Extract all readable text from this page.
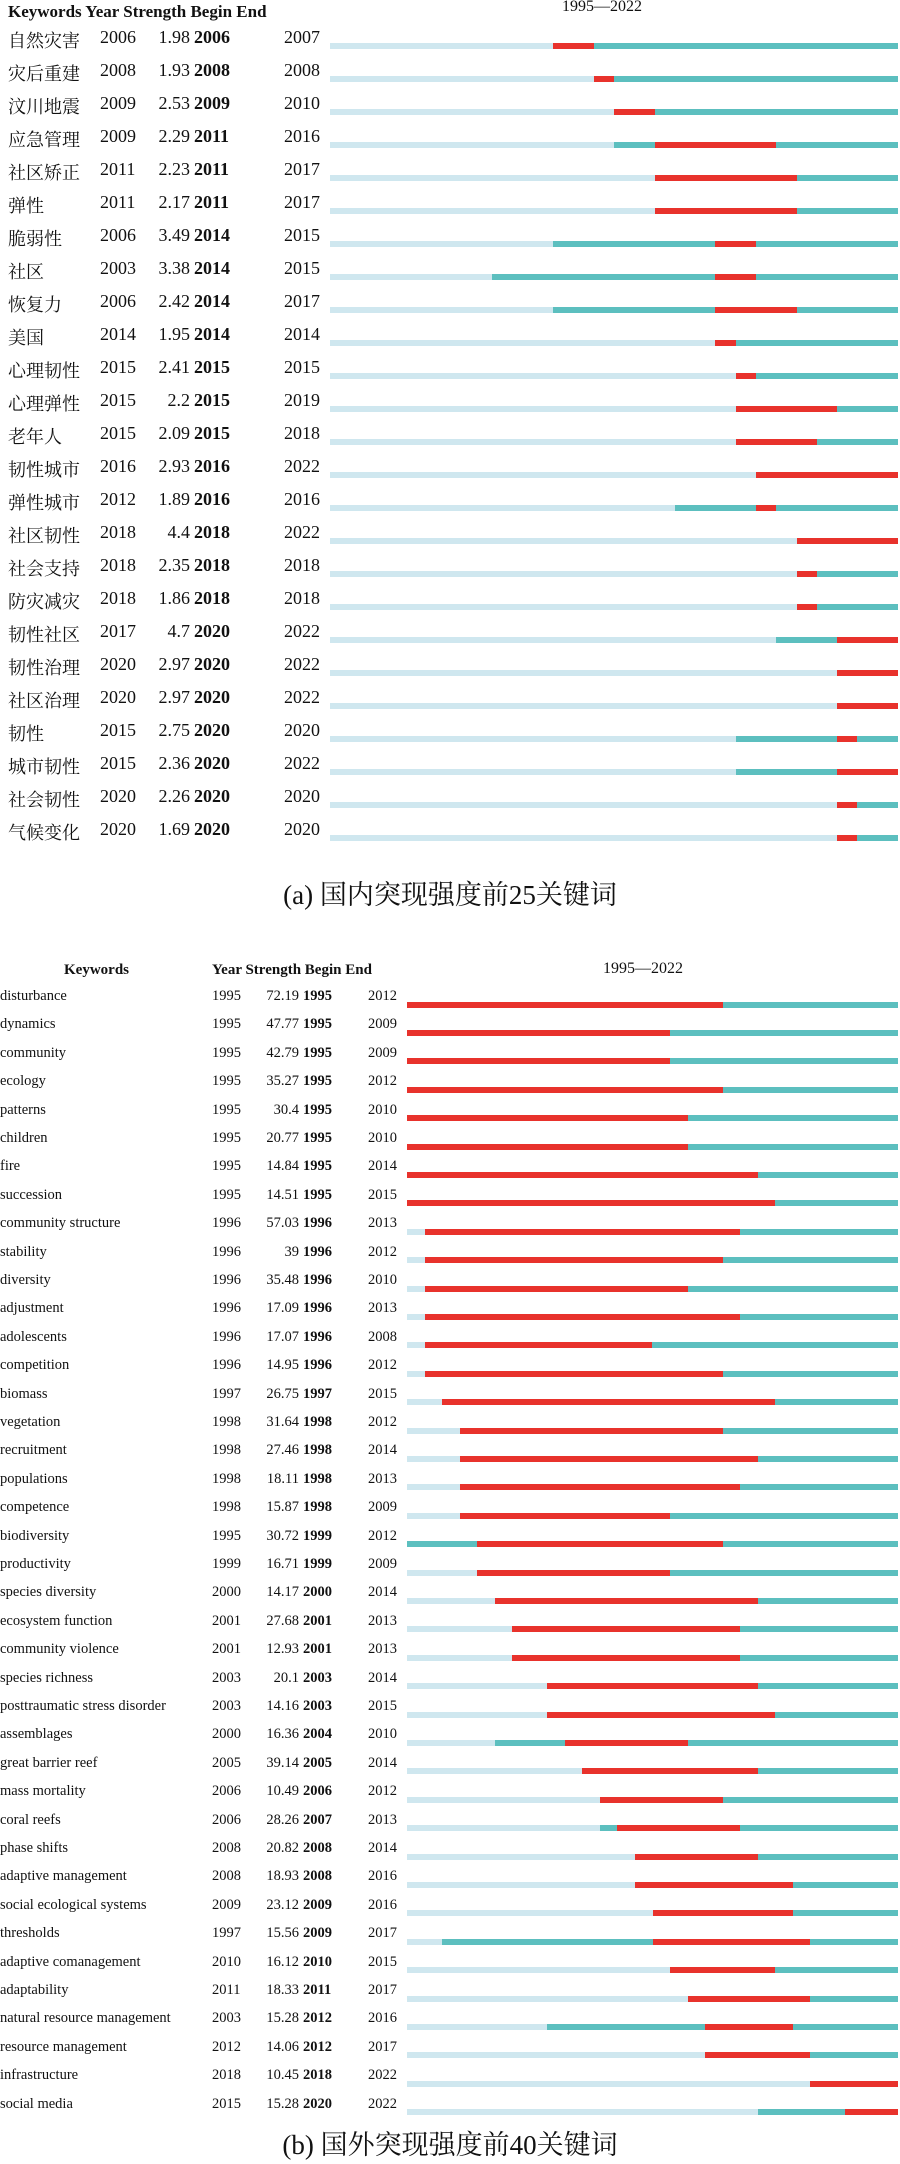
Keywords Year Strength Begin End	1995—2022
自然灾害 2006 1.98 2006	2007
灾后重建 2008 1.93 2008	2008
汶川地震 2009 2.53 2009	2010
应急管理 2009 2.29 2011	2016
社区矫正 2011 2.23 2011	2017
弹性	2011 2.17 2011	2017
脆弱性 2006 3.49 2014	2015
社区	2003 3.38 2014	2015
恢复力 2006 2.42 2014	2017
美国	2014 1.95 2014	2014
心理韧性 2015 2.41 2015	2015
心理弹性 2015 2.2 2015	2019
老年人 2015 2.09 2015	2018
韧性城市 2016 2.93 2016	2022
弹性城市 2012 1.89 2016	2016
社区韧性 2018 4.4 2018	2022
社会支持 2018 2.35 2018	2018
防灾减灾 2018 1.86 2018	2018
韧性社区 2017 4.7 2020	2022
韧性治理 2020 2.97 2020	2022
社区治理 2020 2.97 2020	2022
韧性	2015 2.75 2020	2020
城市韧性 2015 2.36 2020	2022
社会韧性 2020 2.26 2020	2020
气候变化 2020 1.69 2020	2020
(a) 国内突现强度前25关键词
Keywords	Year Strength Begin End	1995—2022
disturbance	1995 72.19 1995 2012
dynamics	1995 47.77 1995 2009
community	1995 42.79 1995 2009
ecology	1995 35.27 1995 2012
patterns	1995 30.4 1995 2010
children	1995 20.77 1995 2010
fire	1995 14.84 1995 2014
succession	1995 14.51 1995 2015
community structure	1996 57.03 1996 2013
stability	1996	39 1996 2012
diversity	1996 35.48 1996 2010
adjustment	1996 17.09 1996 2013
adolescents	1996 17.07 1996 2008
competition	1996 14.95 1996 2012
biomass	1997 26.75 1997 2015
vegetation	1998 31.64 1998 2012
recruitment	1998 27.46 1998 2014
populations	1998 18.11 1998 2013
competence	1998 15.87 1998 2009
biodiversity	1995 30.72 1999 2012
productivity	1999 16.71 1999 2009
species diversity	2000 14.17 2000 2014
ecosystem function	2001 27.68 2001 2013
community violence	2001 12.93 2001 2013
species richness	2003 20.1 2003 2014
posttraumatic stress disorder	2003 14.16 2003 2015
assemblages	2000 16.36 2004 2010
great barrier reef	2005 39.14 2005 2014
mass mortality	2006 10.49 2006 2012
coral reefs	2006 28.26 2007 2013
phase shifts	2008 20.82 2008 2014
adaptive management	2008 18.93 2008 2016
social ecological systems	2009 23.12 2009 2016
thresholds	1997 15.56 2009 2017
adaptive comanagement	2010 16.12 2010 2015
adaptability	2011 18.33 2011	2017
natural resource management	2003 15.28 2012 2016
resource management	2012 14.06 2012 2017
infrastructure	2018 10.45 2018 2022
social media	2015 15.28 2020 2022
(b) 国外突现强度前40关键词
